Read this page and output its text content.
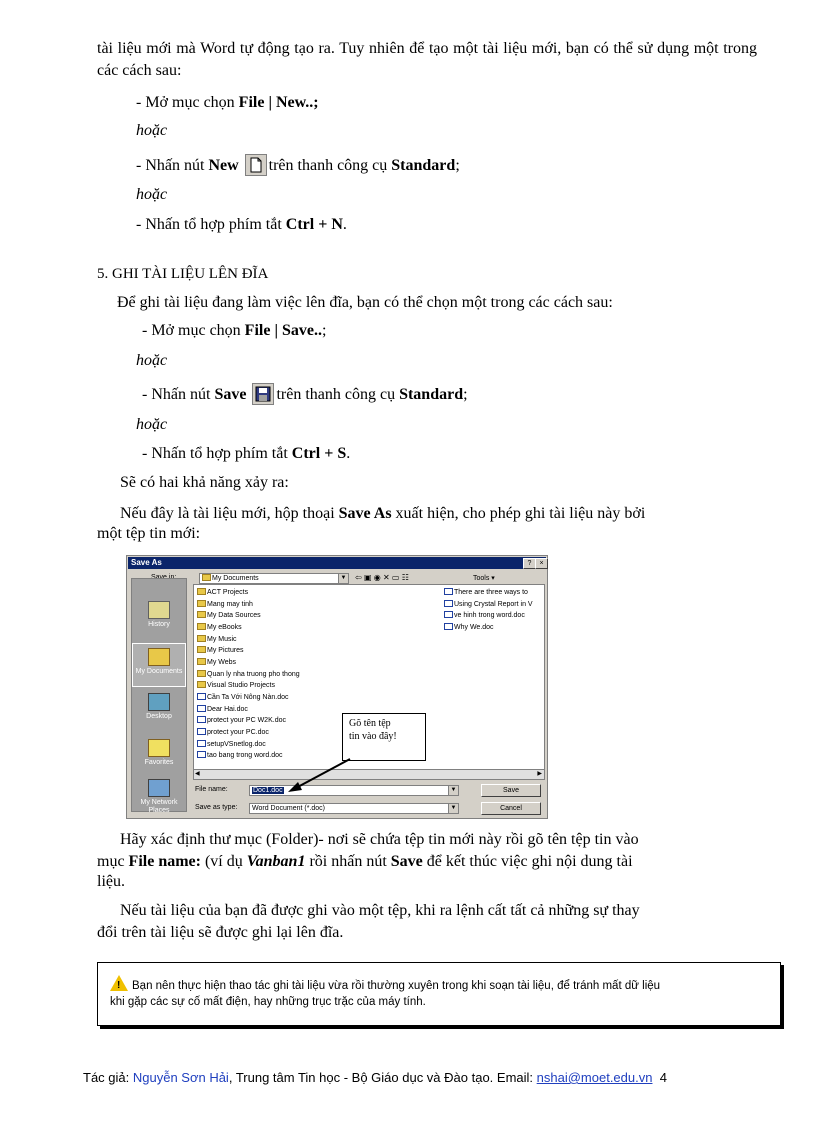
tài liệu mới mà Word tự động tạo ra. Tuy nhiên để tạo một tài liệu mới, bạn có thể sử dụng một trong các cách sau:

- Mở mục chọn File | New..;

hoặc

- Nhấn nút New trên thanh công cụ Standard;

hoặc

- Nhấn tổ hợp phím tắt Ctrl + N.

5. GHI TÀI LIỆU LÊN ĐĨA

Để ghi tài liệu đang làm việc lên đĩa, bạn có thể chọn một trong các cách sau:

- Mở mục chọn File | Save..;

hoặc

- Nhấn nút Save trên thanh công cụ Standard;

hoặc

- Nhấn tổ hợp phím tắt Ctrl + S.

Sẽ có hai khả năng xảy ra:

Nếu đây là tài liệu mới, hộp thoại Save As xuất hiện, cho phép ghi tài liệu này bởi

một tệp tin mới:

Save As	?	×
My Documents	▼ ⇦ ▣ ◉ ✕ ▭ ☷	Tools ▾
History
My Documents
Desktop
Favorites
My Network Places
ACT Projects
Mang may tinh
My Data Sources
My eBooks
My Music
My Pictures
My Webs
Quan ly nha truong pho thong
Visual Studio Projects
Cần Ta Với Nông Nàn.doc
Dear Hai.doc
protect your PC W2K.doc
protect your PC.doc
setupVSnetlog.doc
tao bang trong word.doc
There are three ways to
Using Crystal Report in V
ve hinh trong word.doc
Why We.doc
◀	▶
File name:	Doc1.doc	▼
Save as type:	Word Document (*.doc)	▼
Save
Cancel
Gõ tên tệp
tin vào đây!

Hãy xác định thư mục (Folder)- nơi sẽ chứa tệp tin mới này rồi gõ tên tệp tin vào

mục File name: (ví dụ Vanban1 rồi nhấn nút Save để kết thúc việc ghi nội dung tài

liệu.

Nếu tài liệu của bạn đã được ghi vào một tệp, khi ra lệnh cất tất cả những sự thay

đổi trên tài liệu sẽ được ghi lại lên đĩa.

! Bạn nên thực hiện thao tác ghi tài liệu vừa rồi thường xuyên trong khi soạn tài liệu, để tránh mất dữ liệu
khi gặp các sự cố mất điện, hay những trục trặc của máy tính.
Tác giả: Nguyễn Sơn Hải, Trung tâm Tin học - Bộ Giáo dục và Đào tạo. Email: nshai@moet.edu.vn 4
